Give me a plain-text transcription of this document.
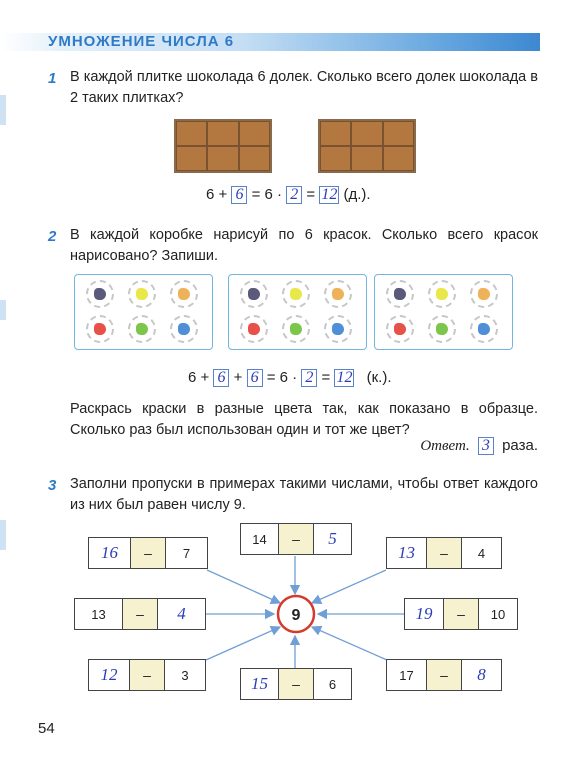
УМНОЖЕНИЕ ЧИСЛА 6
1 В каждой плитке шоколада 6 долек. Сколько всего долек шоколада в 2 таких плитках?
6 + 6 = 6 · 2 = 12 (д.).
2 В каждой коробке нарисуй по 6 красок. Сколько всего красок нарисовано? Запиши.
6 + 6 + 6 = 6 · 2 = 12 (к.).
Раскрась краски в разные цвета так, как показано в образце. Сколько раз был использован один и тот же цвет?
Ответ. 3 раза.
3 Заполни пропуски в примерах такими числами, чтобы ответ каждого из них был равен числу 9.
9
16 – 7
14 – 5
13 – 4
13 – 4	19 – 10
12 – 3	15 – 6
17 – 8
54
